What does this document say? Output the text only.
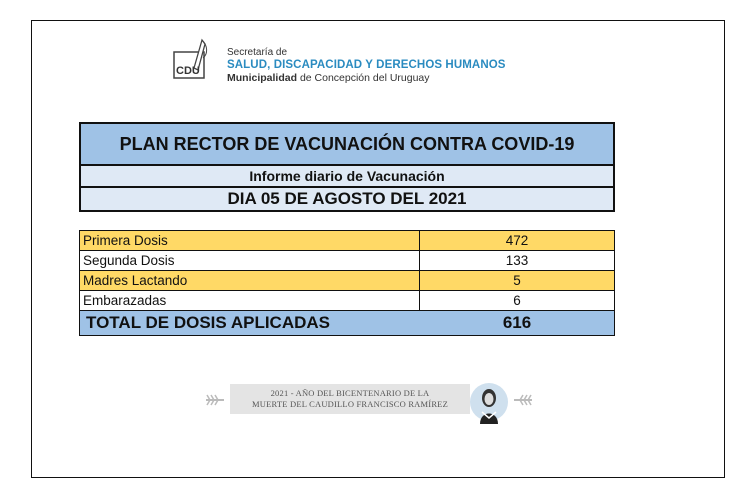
CDU
Secretaría de
SALUD, DISCAPACIDAD Y DERECHOS HUMANOS
Municipalidad de Concepción del Uruguay
PLAN RECTOR DE VACUNACIÓN CONTRA COVID-19
Informe diario de Vacunación
DIA 05 DE AGOSTO DEL 2021
Primera Dosis	472
Segunda Dosis	133
Madres Lactando	5
Embarazadas	6
TOTAL DE DOSIS APLICADAS	616
2021 - AÑO DEL BICENTENARIO DE LA
MUERTE DEL CAUDILLO FRANCISCO RAMÍREZ
